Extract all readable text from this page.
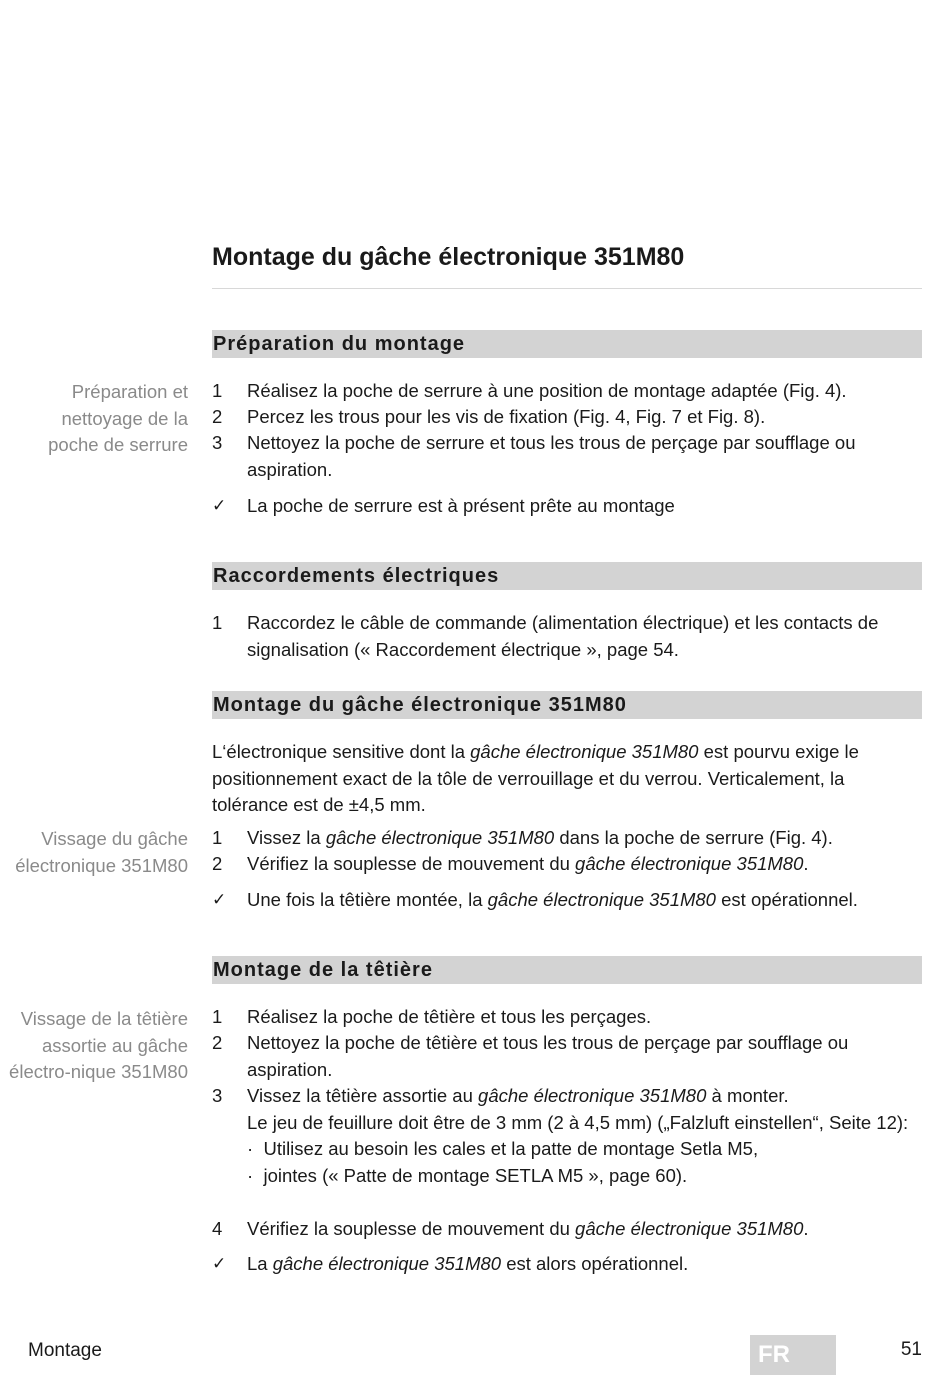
Montage du gâche électronique 351M80
Préparation du montage
Préparation et nettoyage de la poche de serrure
1	Réalisez la poche de serrure à une position de montage adaptée (Fig. 4).
2	Percez les trous pour les vis de fixation (Fig. 4, Fig. 7 et Fig. 8).
3	Nettoyez la poche de serrure et tous les trous de perçage par soufflage ou aspiration.
✓	La poche de serrure est à présent prête au montage
Raccordements électriques
1	Raccordez le câble de commande (alimentation électrique) et les contacts de signalisation (« Raccordement électrique », page 54.
Montage du gâche électronique 351M80
L‘électronique sensitive dont la gâche électronique 351M80 est pourvu exige le positionnement exact de la tôle de verrouillage et du verrou. Verticalement, la tolérance est de ±4,5 mm.
Vissage du gâche électronique 351M80
1	Vissez la gâche électronique 351M80 dans la poche de serrure (Fig. 4).
2	Vérifiez la souplesse de mouvement du gâche électronique 351M80.
✓	Une fois la têtière montée, la gâche électronique 351M80 est opérationnel.
Montage de la têtière
Vissage de la têtière assortie au gâche électro-nique 351M80
1	Réalisez la poche de têtière et tous les perçages.
2	Nettoyez la poche de têtière et tous les trous de perçage par soufflage ou aspiration.
3	Vissez la têtière assortie au gâche électronique 351M80 à monter.
Le jeu de feuillure doit être de 3 mm (2 à 4,5 mm) („Falzluft einstellen“, Seite 12):
· Utilisez au besoin les cales et la patte de montage Setla M5,
· jointes (« Patte de montage SETLA M5 », page 60).
4	Vérifiez la souplesse de mouvement du gâche électronique 351M80.
✓	La gâche électronique 351M80 est alors opérationnel.
Montage	FR	51
